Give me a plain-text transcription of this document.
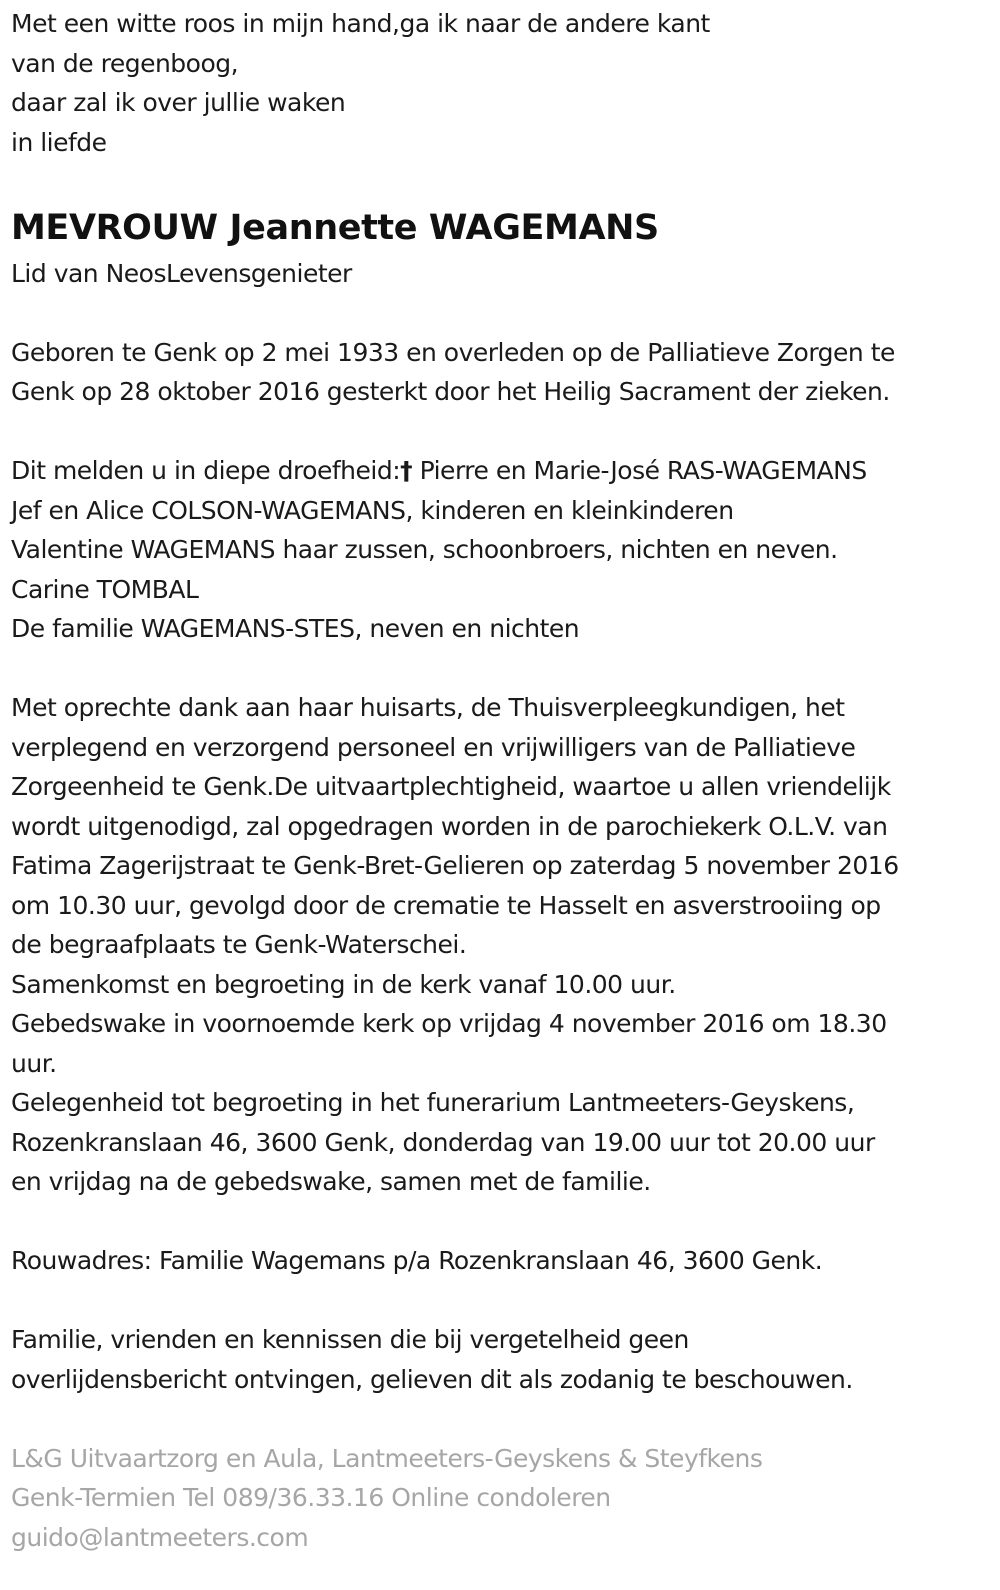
Met een witte roos in mijn hand,ga ik naar de andere kant
van de regenboog,
daar zal ik over jullie waken
in liefde
MEVROUW Jeannette WAGEMANS
Lid van NeosLevensgenieter
Geboren te Genk op 2 mei 1933 en overleden op de Palliatieve Zorgen te
Genk op 28 oktober 2016 gesterkt door het Heilig Sacrament der zieken.
Dit melden u in diepe droefheid:† Pierre en Marie-José RAS-WAGEMANS
Jef en Alice COLSON-WAGEMANS, kinderen en kleinkinderen
Valentine WAGEMANS haar zussen, schoonbroers, nichten en neven.
Carine TOMBAL
De familie WAGEMANS-STES, neven en nichten
Met oprechte dank aan haar huisarts, de Thuisverpleegkundigen, het
verplegend en verzorgend personeel en vrijwilligers van de Palliatieve
Zorgeenheid te Genk.De uitvaartplechtigheid, waartoe u allen vriendelijk
wordt uitgenodigd, zal opgedragen worden in de parochiekerk O.L.V. van
Fatima Zagerijstraat te Genk-Bret-Gelieren op zaterdag 5 november 2016
om 10.30 uur, gevolgd door de crematie te Hasselt en asverstrooiing op
de begraafplaats te Genk-Waterschei.
Samenkomst en begroeting in de kerk vanaf 10.00 uur.
Gebedswake in voornoemde kerk op vrijdag 4 november 2016 om 18.30
uur.
Gelegenheid tot begroeting in het funerarium Lantmeeters-Geyskens,
Rozenkranslaan 46, 3600 Genk, donderdag van 19.00 uur tot 20.00 uur
en vrijdag na de gebedswake, samen met de familie.
Rouwadres: Familie Wagemans p/a Rozenkranslaan 46, 3600 Genk.
Familie, vrienden en kennissen die bij vergetelheid geen
overlijdensbericht ontvingen, gelieven dit als zodanig te beschouwen.
L&G Uitvaartzorg en Aula, Lantmeeters-Geyskens & Steyfkens
Genk-Termien Tel 089/36.33.16 Online condoleren
guido@lantmeeters.com
